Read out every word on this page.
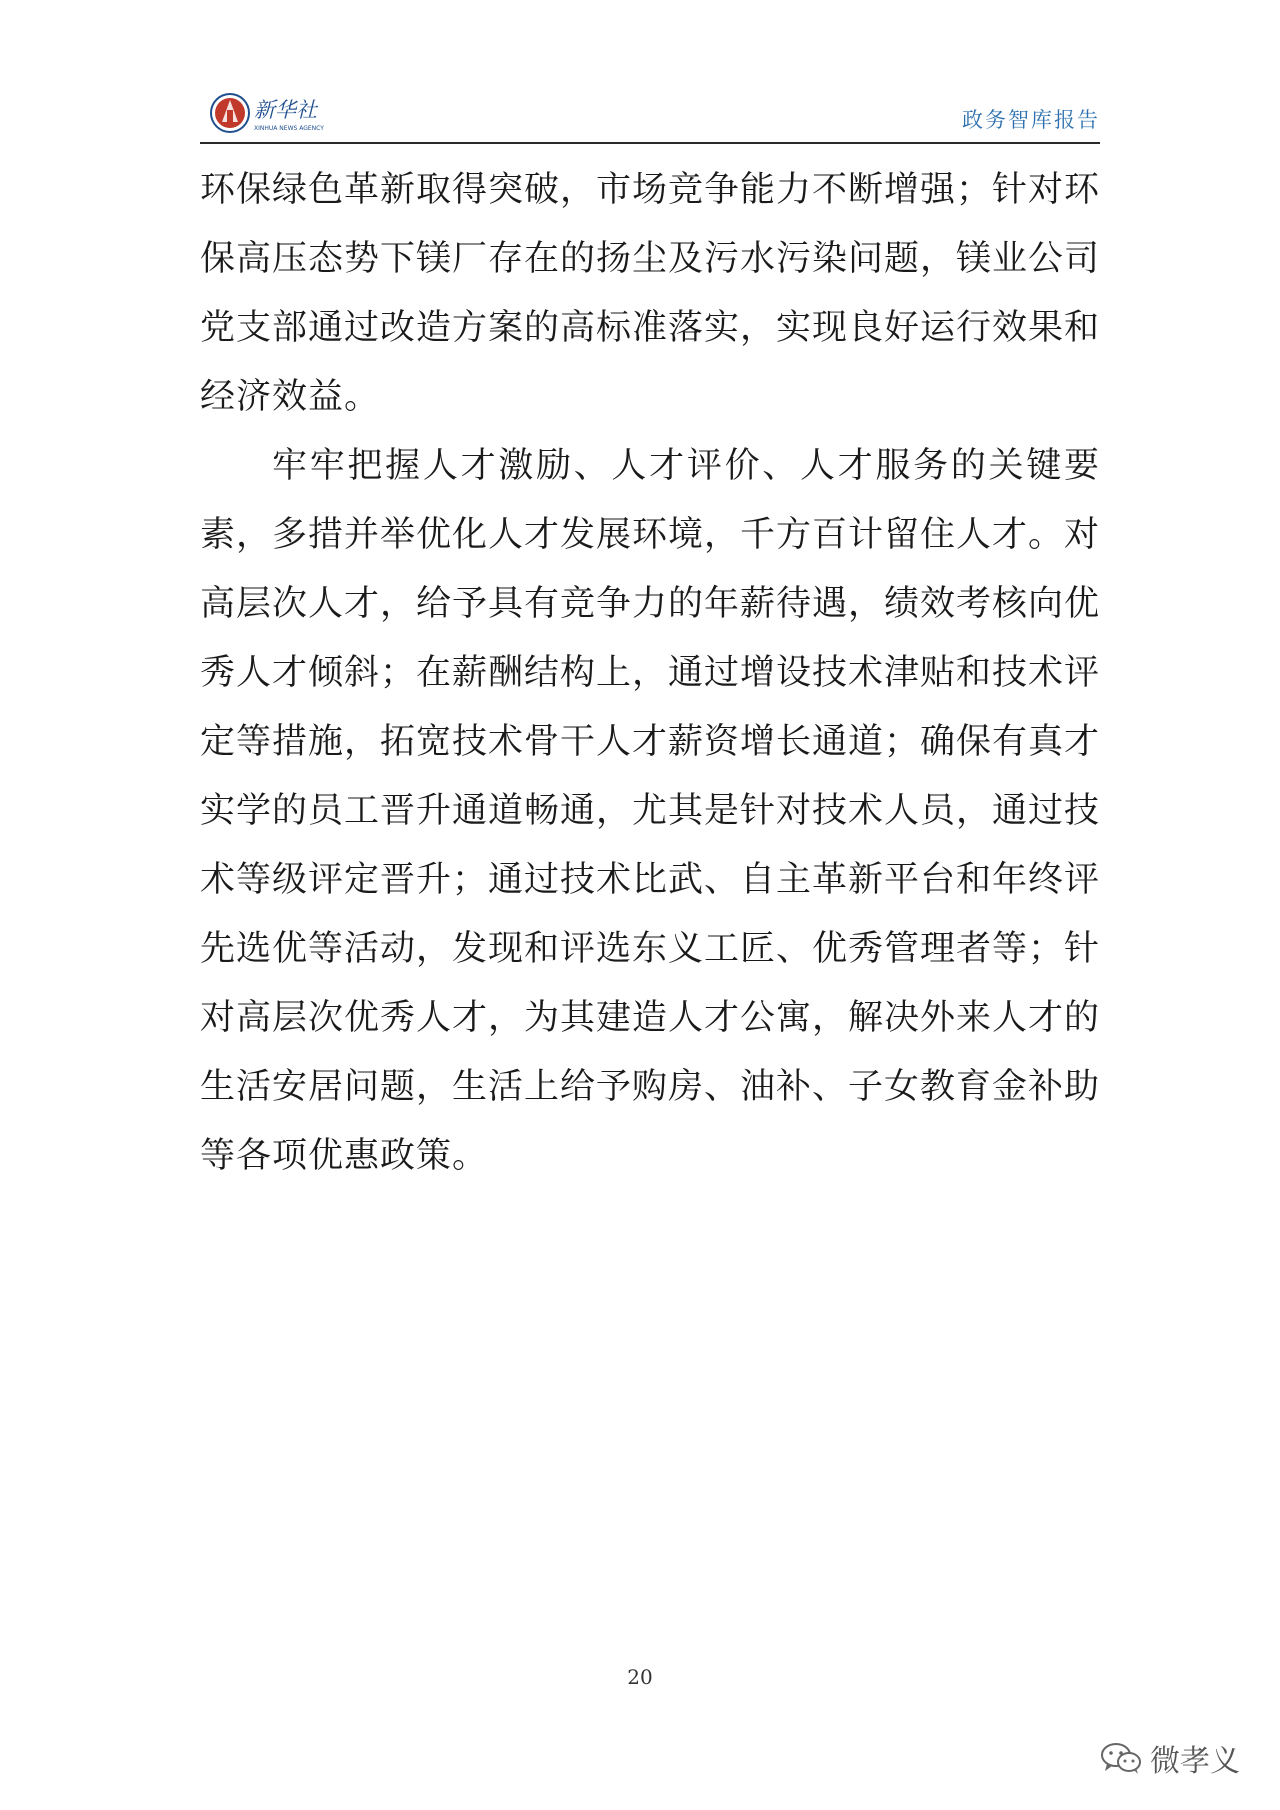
新华社
XINHUA NEWS AGENCY	政务智库报告

环保绿色革新取得突破，市场竞争能力不断增强；针对环保高压态势下镁厂存在的扬尘及污水污染问题，镁业公司党支部通过改造方案的高标准落实，实现良好运行效果和经济效益。

牢牢把握人才激励、人才评价、人才服务的关键要素，多措并举优化人才发展环境，千方百计留住人才。对高层次人才，给予具有竞争力的年薪待遇，绩效考核向优秀人才倾斜；在薪酬结构上，通过增设技术津贴和技术评定等措施，拓宽技术骨干人才薪资增长通道；确保有真才实学的员工晋升通道畅通，尤其是针对技术人员，通过技术等级评定晋升；通过技术比武、自主革新平台和年终评先选优等活动，发现和评选东义工匠、优秀管理者等；针对高层次优秀人才，为其建造人才公寓，解决外来人才的生活安居问题，生活上给予购房、油补、子女教育金补助等各项优惠政策。

20
微孝义
